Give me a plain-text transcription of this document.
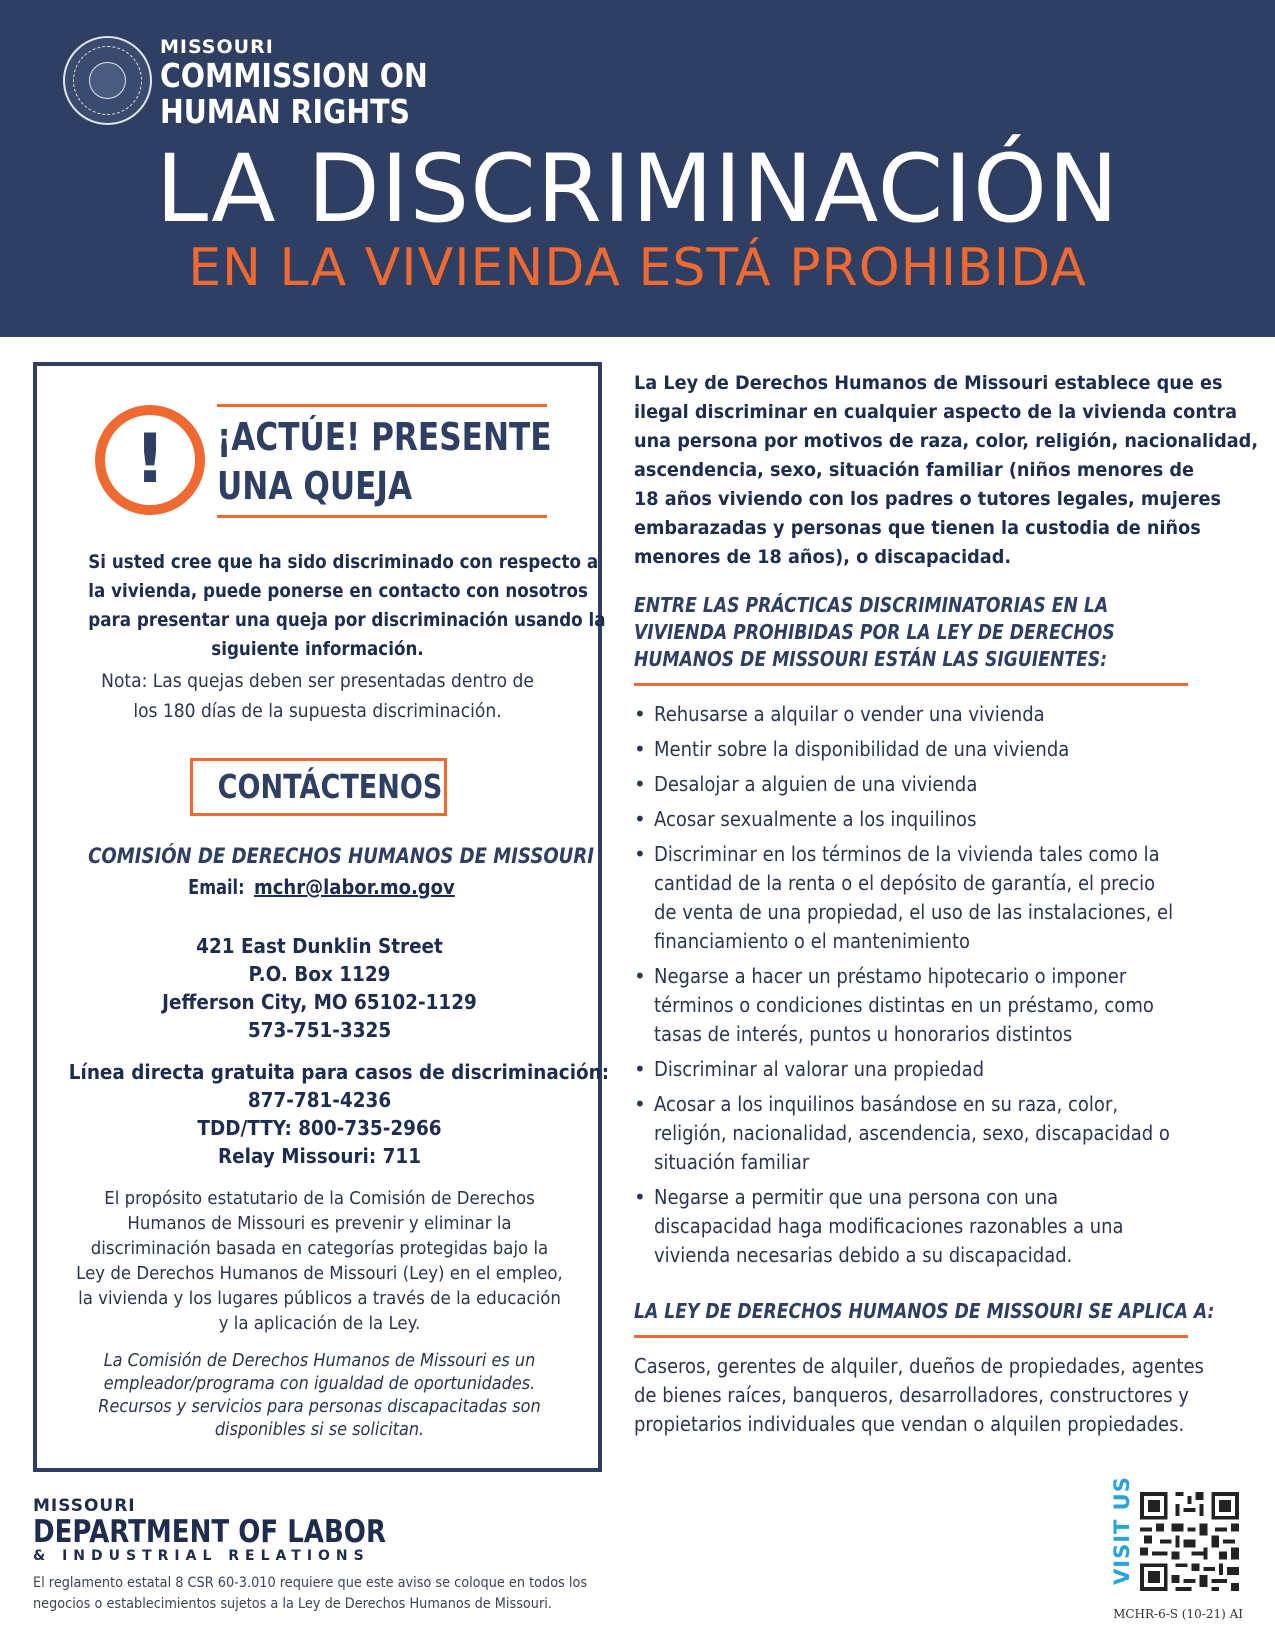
MISSOURI
COMMISSION ON
HUMAN RIGHTS
LA DISCRIMINACIÓN
EN LA VIVIENDA ESTÁ PROHIBIDA
!	¡ACTÚE! PRESENTE
UNA QUEJA
Si usted cree que ha sido discriminado con respecto a
la vivienda, puede ponerse en contacto con nosotros
para presentar una queja por discriminación usando la
siguiente información.
Nota: Las quejas deben ser presentadas dentro de
los 180 días de la supuesta discriminación.
CONTÁCTENOS
COMISIÓN DE DERECHOS HUMANOS DE MISSOURI
Email: mchr@labor.mo.gov
421 East Dunklin Street
P.O. Box 1129
Jefferson City, MO 65102-1129
573-751-3325
Línea directa gratuita para casos de discriminación:
877-781-4236
TDD/TTY: 800-735-2966
Relay Missouri: 711
El propósito estatutario de la Comisión de Derechos
Humanos de Missouri es prevenir y eliminar la
discriminación basada en categorías protegidas bajo la
Ley de Derechos Humanos de Missouri (Ley) en el empleo,
la vivienda y los lugares públicos a través de la educación
y la aplicación de la Ley.
La Comisión de Derechos Humanos de Missouri es un
empleador/programa con igualdad de oportunidades.
Recursos y servicios para personas discapacitadas son
disponibles si se solicitan.
La Ley de Derechos Humanos de Missouri establece que es
ilegal discriminar en cualquier aspecto de la vivienda contra
una persona por motivos de raza, color, religión, nacionalidad,
ascendencia, sexo, situación familiar (niños menores de
18 años viviendo con los padres o tutores legales, mujeres
embarazadas y personas que tienen la custodia de niños
menores de 18 años), o discapacidad.
ENTRE LAS PRÁCTICAS DISCRIMINATORIAS EN LA
VIVIENDA PROHIBIDAS POR LA LEY DE DERECHOS
HUMANOS DE MISSOURI ESTÁN LAS SIGUIENTES:
• Rehusarse a alquilar o vender una vivienda
• Mentir sobre la disponibilidad de una vivienda
• Desalojar a alguien de una vivienda
• Acosar sexualmente a los inquilinos
• Discriminar en los términos de la vivienda tales como la
cantidad de la renta o el depósito de garantía, el precio
de venta de una propiedad, el uso de las instalaciones, el
financiamiento o el mantenimiento
• Negarse a hacer un préstamo hipotecario o imponer
términos o condiciones distintas en un préstamo, como
tasas de interés, puntos u honorarios distintos
• Discriminar al valorar una propiedad
• Acosar a los inquilinos basándose en su raza, color,
religión, nacionalidad, ascendencia, sexo, discapacidad o
situación familiar
• Negarse a permitir que una persona con una
discapacidad haga modificaciones razonables a una
vivienda necesarias debido a su discapacidad.
LA LEY DE DERECHOS HUMANOS DE MISSOURI SE APLICA A:
Caseros, gerentes de alquiler, dueños de propiedades, agentes
de bienes raíces, banqueros, desarrolladores, constructores y
propietarios individuales que vendan o alquilen propiedades.
MISSOURI
DEPARTMENT OF LABOR
& INDUSTRIAL RELATIONS
El reglamento estatal 8 CSR 60-3.010 requiere que este aviso se coloque en todos los
negocios o establecimientos sujetos a la Ley de Derechos Humanos de Missouri.
VISIT US
MCHR-6-S (10-21) AI
